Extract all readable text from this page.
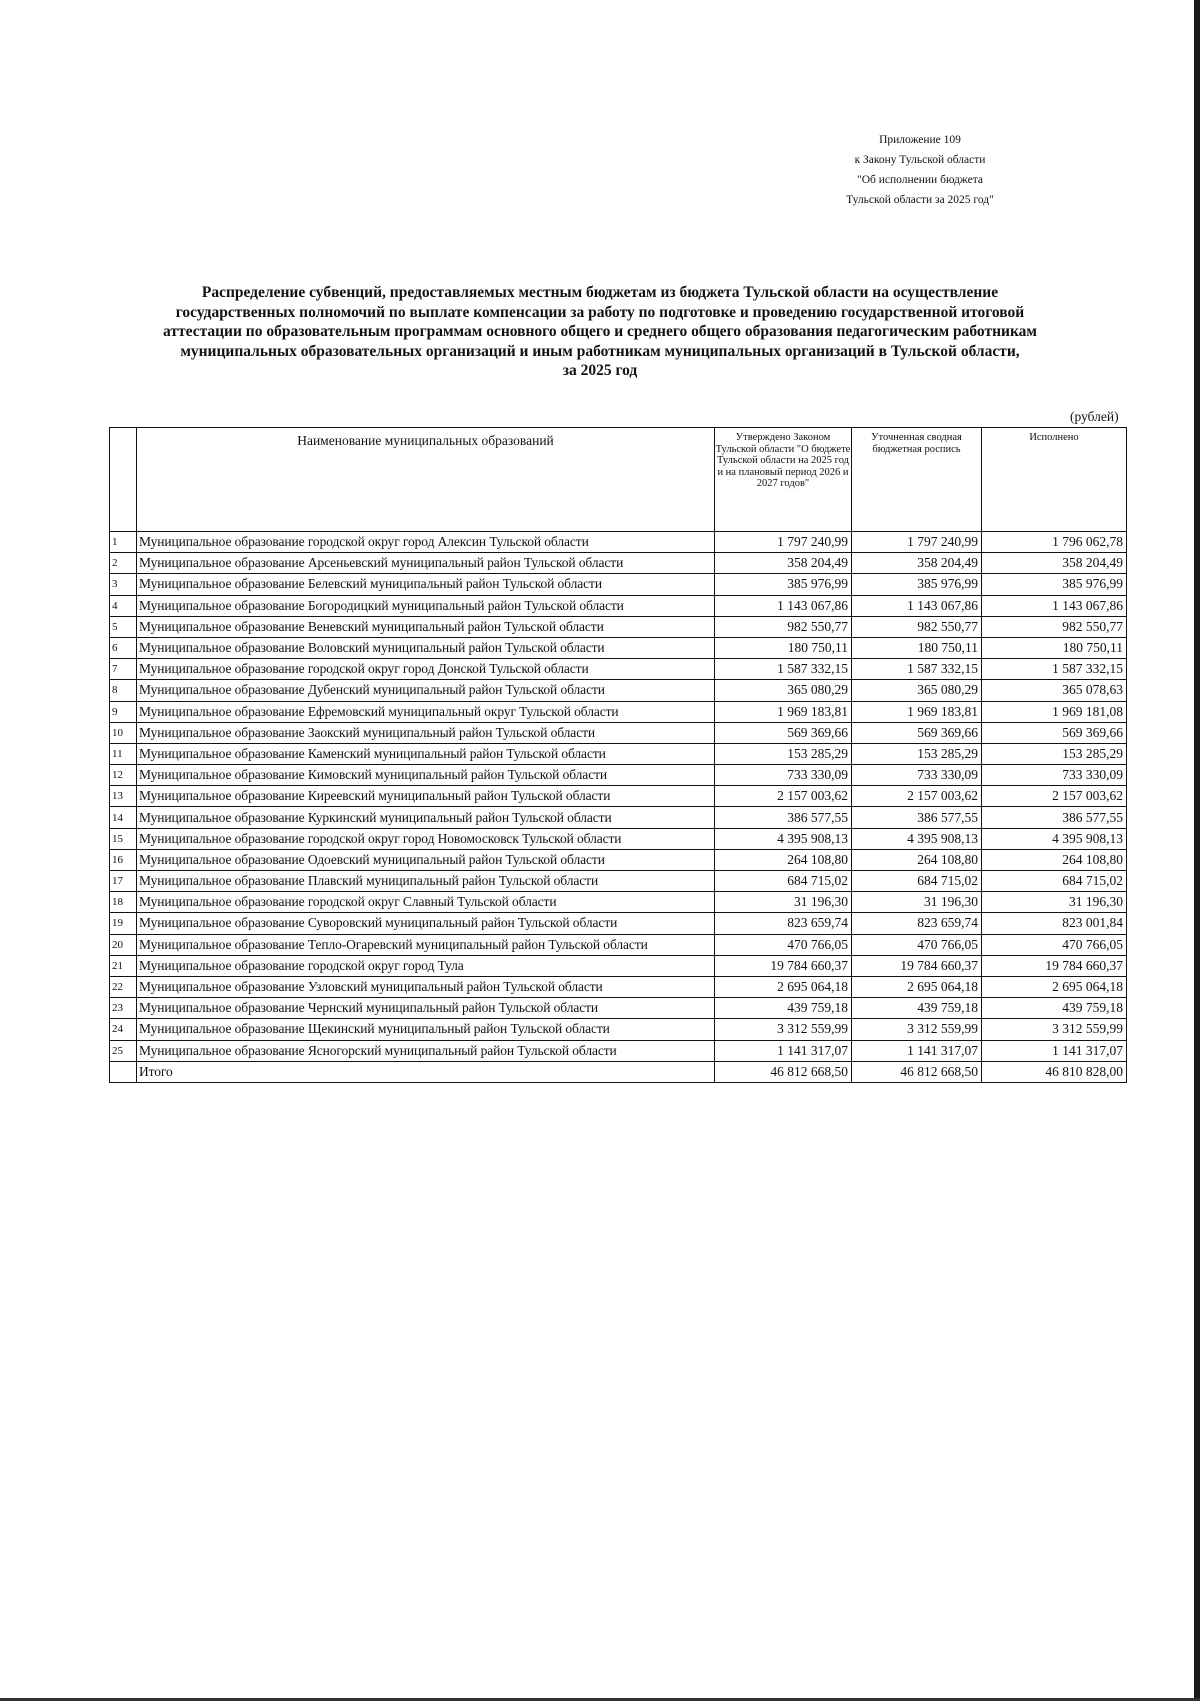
Приложение 109
к Закону Тульской области
"Об исполнении бюджета
Тульской области за 2025 год"
Распределение субвенций, предоставляемых местным бюджетам из бюджета Тульской области на осуществление
государственных полномочий по выплате компенсации за работу по подготовке и проведению государственной итоговой
аттестации по образовательным программам основного общего и среднего общего образования педагогическим работникам
муниципальных образовательных организаций и иным работникам муниципальных организаций в Тульской области,
за 2025 год
(рублей)
	Наименование муниципальных образований	Утверждено Законом Тульской области "О бюджете Тульской области на 2025 год и на плановый период 2026 и 2027 годов"	Уточненная сводная бюджетная роспись	Исполнено
1	Муниципальное образование городской округ город Алексин Тульской области	1 797 240,99	1 797 240,99	1 796 062,78
2	Муниципальное образование Арсеньевский муниципальный район Тульской области	358 204,49	358 204,49	358 204,49
3	Муниципальное образование Белевский муниципальный район Тульской области	385 976,99	385 976,99	385 976,99
4	Муниципальное образование Богородицкий муниципальный район Тульской области	1 143 067,86	1 143 067,86	1 143 067,86
5	Муниципальное образование Веневский муниципальный район Тульской области	982 550,77	982 550,77	982 550,77
6	Муниципальное образование Воловский муниципальный район Тульской области	180 750,11	180 750,11	180 750,11
7	Муниципальное образование городской округ город Донской Тульской области	1 587 332,15	1 587 332,15	1 587 332,15
8	Муниципальное образование Дубенский муниципальный район Тульской области	365 080,29	365 080,29	365 078,63
9	Муниципальное образование Ефремовский муниципальный округ Тульской области	1 969 183,81	1 969 183,81	1 969 181,08
10	Муниципальное образование Заокский муниципальный район Тульской области	569 369,66	569 369,66	569 369,66
11	Муниципальное образование Каменский муниципальный район Тульской области	153 285,29	153 285,29	153 285,29
12	Муниципальное образование Кимовский муниципальный район Тульской области	733 330,09	733 330,09	733 330,09
13	Муниципальное образование Киреевский муниципальный район Тульской области	2 157 003,62	2 157 003,62	2 157 003,62
14	Муниципальное образование Куркинский муниципальный район Тульской области	386 577,55	386 577,55	386 577,55
15	Муниципальное образование городской округ город Новомосковск Тульской области	4 395 908,13	4 395 908,13	4 395 908,13
16	Муниципальное образование Одоевский муниципальный район Тульской области	264 108,80	264 108,80	264 108,80
17	Муниципальное образование Плавский муниципальный район Тульской области	684 715,02	684 715,02	684 715,02
18	Муниципальное образование городской округ Славный Тульской области	31 196,30	31 196,30	31 196,30
19	Муниципальное образование Суворовский муниципальный район Тульской области	823 659,74	823 659,74	823 001,84
20	Муниципальное образование Тепло-Огаревский муниципальный район Тульской области	470 766,05	470 766,05	470 766,05
21	Муниципальное образование городской округ город Тула	19 784 660,37	19 784 660,37	19 784 660,37
22	Муниципальное образование Узловский муниципальный район Тульской области	2 695 064,18	2 695 064,18	2 695 064,18
23	Муниципальное образование Чернский муниципальный район Тульской области	439 759,18	439 759,18	439 759,18
24	Муниципальное образование Щекинский муниципальный район Тульской области	3 312 559,99	3 312 559,99	3 312 559,99
25	Муниципальное образование Ясногорский муниципальный район Тульской области	1 141 317,07	1 141 317,07	1 141 317,07
	Итого	46 812 668,50	46 812 668,50	46 810 828,00
